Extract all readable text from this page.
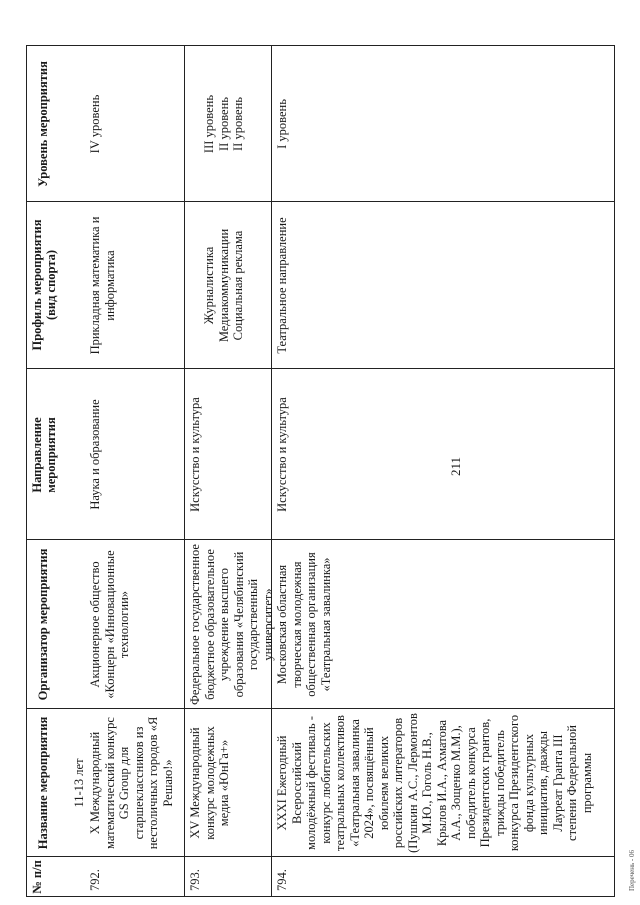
211
№ п/п
Название мероприятия
Организатор мероприятия
Направление мероприятия
Профиль мероприятия (вид спорта)
Уровень мероприятия
11-13 лет
792.
X Международный математический конкурс GS Group для старшеклассников из нестоличных городов «Я Решаю!»
Акционерное общество «Концерн «Инновационные технологии»
Наука и образование
Прикладная математика и информатика
IV уровень
793.
XV Международный конкурс молодежных медиа «ЮнГа+»
Федеральное государственное бюджетное образовательное учреждение высшего образования «Челябинский государственный университет»
Искусство и культура
Журналистика
Медиакоммуникации
Социальная реклама
III уровень
II уровень
II уровень
794.
XXXI Ежегодный Всероссийский молодёжный фестиваль - конкурс любительских театральных коллективов «Театральная завалинка 2024», посвящённый юбилеям великих российских литераторов (Пушкин А.С., Лермонтов М.Ю., Гоголь Н.В., Крылов И.А., Ахматова А.А., Зощенко М.М.), победитель конкурса Президентских грантов, трижды победитель конкурса Президентского фонда культурных инициатив, дважды Лауреат Гранта III степени Федеральной программы
Московская областная творческая молодежная общественная организация «Театральная завалинка»
Искусство и культура
Театральное направление
I уровень
Перечень - 06
